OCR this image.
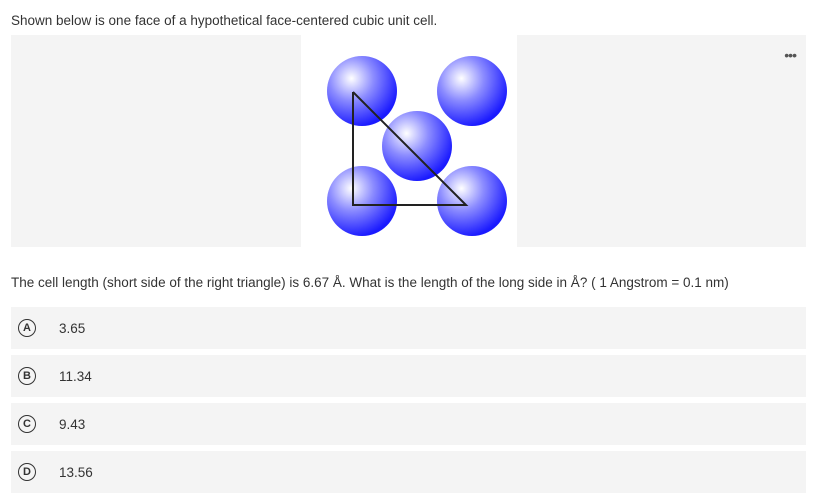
Shown below is one face of a hypothetical face-centered cubic unit cell.
•••
The cell length (short side of the right triangle) is 6.67 Å. What is the length of the long side in Å? ( 1 Angstrom = 0.1 nm)
A	3.65
B	11.34
C	9.43
D	13.56
